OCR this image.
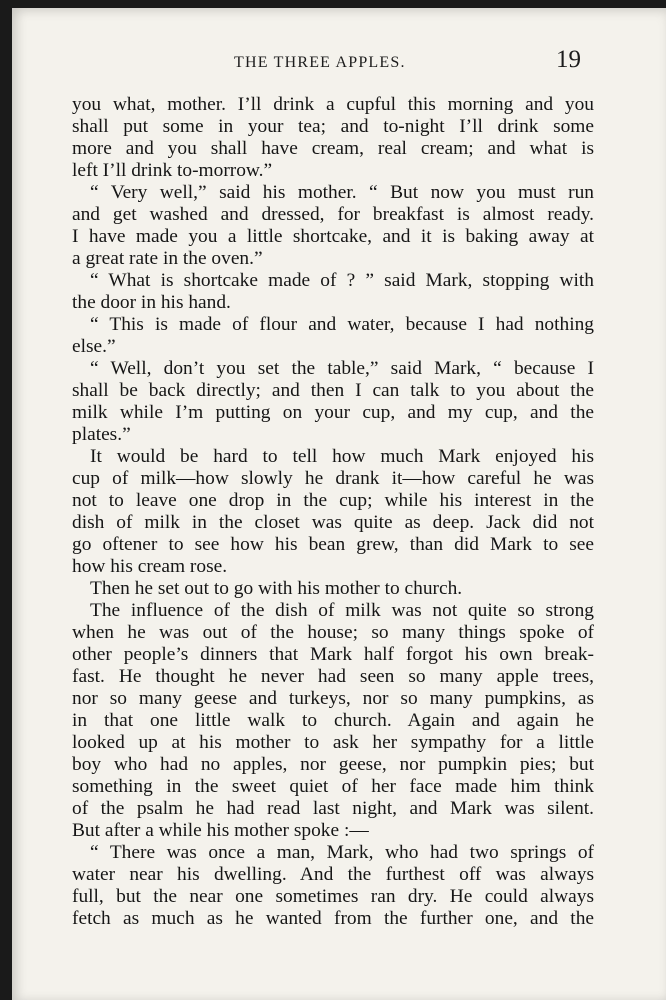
THE THREE APPLES.	19
you what, mother. I’ll drink a cupful this morning and you
shall put some in your tea; and to-night I’ll drink some
more and you shall have cream, real cream; and what is
left I’ll drink to-morrow.”
“ Very well,” said his mother. “ But now you must run
and get washed and dressed, for breakfast is almost ready.
I have made you a little shortcake, and it is baking away at
a great rate in the oven.”
“ What is shortcake made of ? ” said Mark, stopping with
the door in his hand.
“ This is made of flour and water, because I had nothing
else.”
“ Well, don’t you set the table,” said Mark, “ because I
shall be back directly; and then I can talk to you about the
milk while I’m putting on your cup, and my cup, and the
plates.”
It would be hard to tell how much Mark enjoyed his
cup of milk—how slowly he drank it—how careful he was
not to leave one drop in the cup; while his interest in the
dish of milk in the closet was quite as deep. Jack did not
go oftener to see how his bean grew, than did Mark to see
how his cream rose.
Then he set out to go with his mother to church.
The influence of the dish of milk was not quite so strong
when he was out of the house; so many things spoke of
other people’s dinners that Mark half forgot his own break-
fast. He thought he never had seen so many apple trees,
nor so many geese and turkeys, nor so many pumpkins, as
in that one little walk to church. Again and again he
looked up at his mother to ask her sympathy for a little
boy who had no apples, nor geese, nor pumpkin pies; but
something in the sweet quiet of her face made him think
of the psalm he had read last night, and Mark was silent.
But after a while his mother spoke :—
“ There was once a man, Mark, who had two springs of
water near his dwelling. And the furthest off was always
full, but the near one sometimes ran dry. He could always
fetch as much as he wanted from the further one, and the
